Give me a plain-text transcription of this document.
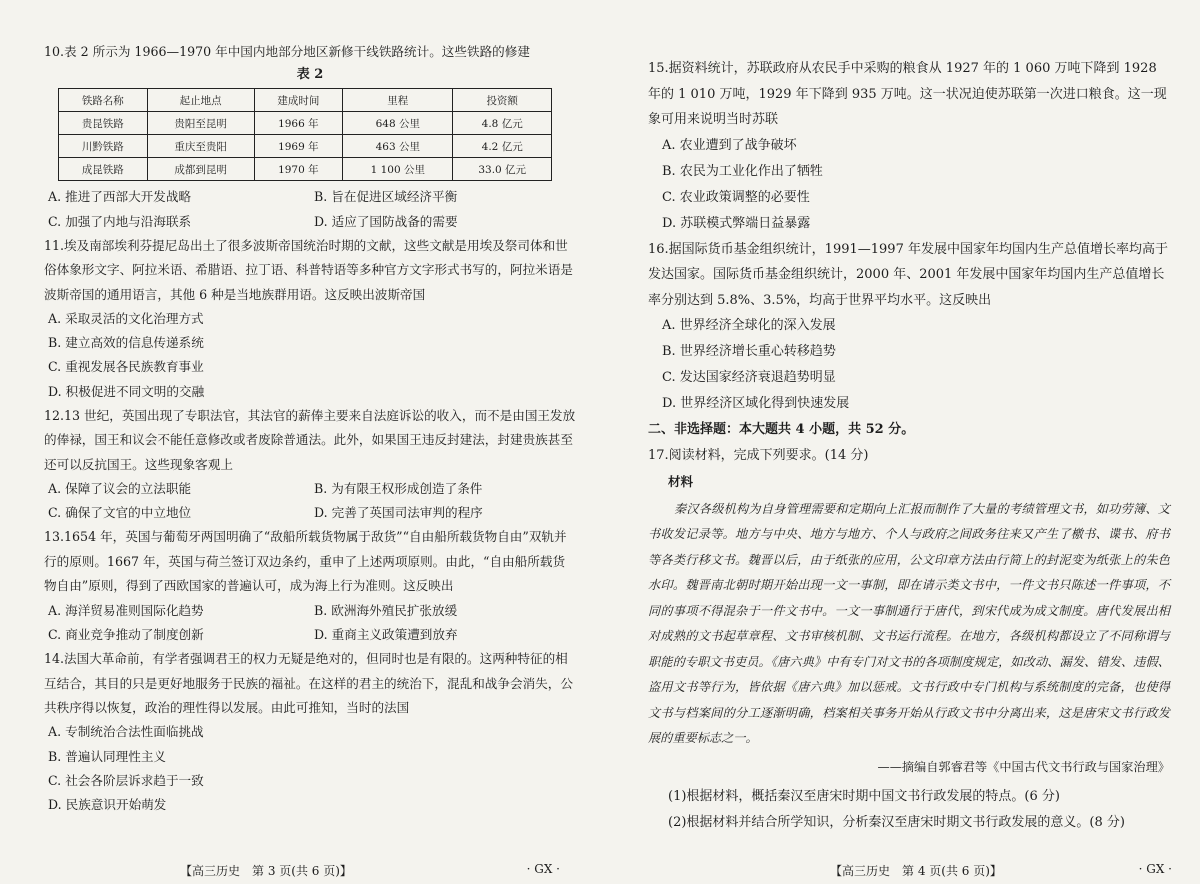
10.表 2 所示为 1966—1970 年中国内地部分地区新修干线铁路统计。这些铁路的修建

表 2

铁路名称	起止地点	建成时间	里程	投资额
贵昆铁路	贵阳至昆明	1966 年	648 公里	4.8 亿元
川黔铁路	重庆至贵阳	1969 年	463 公里	4.2 亿元
成昆铁路	成都到昆明	1970 年	1 100 公里	33.0 亿元
A. 推进了西部大开发战略	B. 旨在促进区域经济平衡
C. 加强了内地与沿海联系	D. 适应了国防战备的需要

11.埃及南部埃利芬提尼岛出土了很多波斯帝国统治时期的文献，这些文献是用埃及祭司体和世俗体象形文字、阿拉米语、希腊语、拉丁语、科普特语等多种官方文字形式书写的，阿拉米语是波斯帝国的通用语言，其他 6 种是当地族群用语。这反映出波斯帝国

A. 采取灵活的文化治理方式

B. 建立高效的信息传递系统

C. 重视发展各民族教育事业

D. 积极促进不同文明的交融

12.13 世纪，英国出现了专职法官，其法官的薪俸主要来自法庭诉讼的收入，而不是由国王发放的俸禄，国王和议会不能任意修改或者废除普通法。此外，如果国王违反封建法，封建贵族甚至还可以反抗国王。这些现象客观上

A. 保障了议会的立法职能	B. 为有限王权形成创造了条件
C. 确保了文官的中立地位	D. 完善了英国司法审判的程序

13.1654 年，英国与葡萄牙两国明确了“敌船所载货物属于敌货”“自由船所载货物自由”双轨并行的原则。1667 年，英国与荷兰签订双边条约，重申了上述两项原则。由此，“自由船所载货物自由”原则，得到了西欧国家的普遍认可，成为海上行为准则。这反映出

A. 海洋贸易准则国际化趋势	B. 欧洲海外殖民扩张放缓
C. 商业竞争推动了制度创新	D. 重商主义政策遭到放弃

14.法国大革命前，有学者强调君王的权力无疑是绝对的，但同时也是有限的。这两种特征的相互结合，其目的只是更好地服务于民族的福祉。在这样的君主的统治下，混乱和战争会消失，公共秩序得以恢复，政治的理性得以发展。由此可推知，当时的法国

A. 专制统治合法性面临挑战

B. 普遍认同理性主义

C. 社会各阶层诉求趋于一致

D. 民族意识开始萌发

【高三历史　第 3 页(共 6 页)】	· GX ·

15.据资料统计，苏联政府从农民手中采购的粮食从 1927 年的 1 060 万吨下降到 1928 年的 1 010 万吨，1929 年下降到 935 万吨。这一状况迫使苏联第一次进口粮食。这一现象可用来说明当时苏联

A. 农业遭到了战争破坏

B. 农民为工业化作出了牺牲

C. 农业政策调整的必要性

D. 苏联模式弊端日益暴露

16.据国际货币基金组织统计，1991—1997 年发展中国家年均国内生产总值增长率均高于发达国家。国际货币基金组织统计，2000 年、2001 年发展中国家年均国内生产总值增长率分别达到 5.8%、3.5%，均高于世界平均水平。这反映出

A. 世界经济全球化的深入发展

B. 世界经济增长重心转移趋势

C. 发达国家经济衰退趋势明显

D. 世界经济区域化得到快速发展

二、非选择题：本大题共 4 小题，共 52 分。

17.阅读材料，完成下列要求。(14 分)

材料

秦汉各级机构为自身管理需要和定期向上汇报而制作了大量的考绩管理文书，如功劳簿、文书收发记录等。地方与中央、地方与地方、个人与政府之间政务往来又产生了檄书、谍书、府书等各类行移文书。魏晋以后，由于纸张的应用，公文印章方法由行简上的封泥变为纸张上的朱色水印。魏晋南北朝时期开始出现一文一事制，即在请示类文书中，一件文书只陈述一件事项，不同的事项不得混杂于一件文书中。一文一事制通行于唐代，到宋代成为成文制度。唐代发展出相对成熟的文书起草章程、文书审核机制、文书运行流程。在地方，各级机构都设立了不同称谓与职能的专职文书吏员。《唐六典》中有专门对文书的各项制度规定，如改动、漏发、错发、违假、盗用文书等行为，皆依据《唐六典》加以惩戒。文书行政中专门机构与系统制度的完备，也使得文书与档案间的分工逐渐明确，档案相关事务开始从行政文书中分离出来，这是唐宋文书行政发展的重要标志之一。

——摘编自郭睿君等《中国古代文书行政与国家治理》

(1)根据材料，概括秦汉至唐宋时期中国文书行政发展的特点。(6 分)

(2)根据材料并结合所学知识，分析秦汉至唐宋时期文书行政发展的意义。(8 分)

【高三历史　第 4 页(共 6 页)】	· GX ·
